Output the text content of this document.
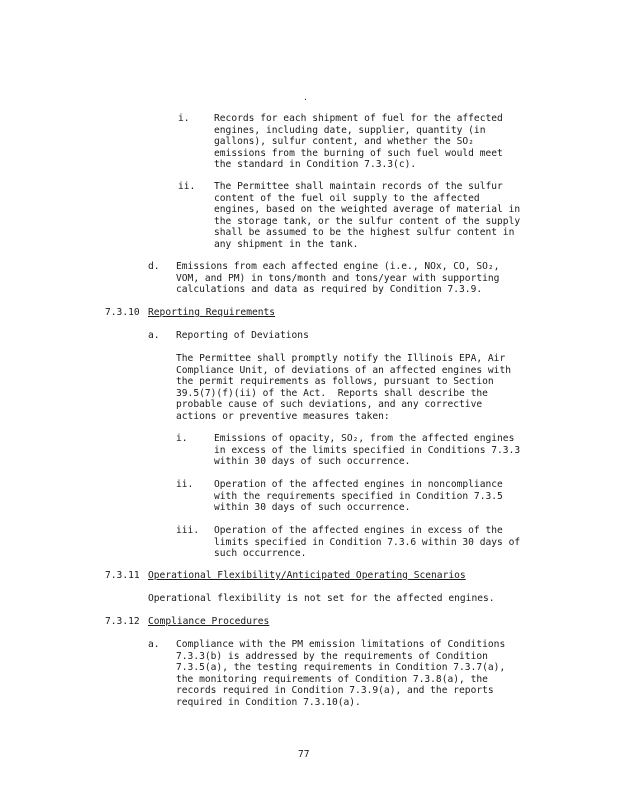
·
i.	Records for each shipment of fuel for the affected
engines, including date, supplier, quantity (in
gallons), sulfur content, and whether the SO₂
emissions from the burning of such fuel would meet
the standard in Condition 7.3.3(c).
ii. The Permittee shall maintain records of the sulfur
content of the fuel oil supply to the affected
engines, based on the weighted average of material in
the storage tank, or the sulfur content of the supply
shall be assumed to be the highest sulfur content in
any shipment in the tank.
d. Emissions from each affected engine (i.e., NOx, CO, SO₂,
VOM, and PM) in tons/month and tons/year with supporting
calculations and data as required by Condition 7.3.9.
7.3.10 Reporting Requirements
a. Reporting of Deviations
The Permittee shall promptly notify the Illinois EPA, Air
Compliance Unit, of deviations of an affected engines with
the permit requirements as follows, pursuant to Section
39.5(7)(f)(ii) of the Act.  Reports shall describe the
probable cause of such deviations, and any corrective
actions or preventive measures taken:
i.	Emissions of opacity, SO₂, from the affected engines
in excess of the limits specified in Conditions 7.3.3
within 30 days of such occurrence.
ii. Operation of the affected engines in noncompliance
with the requirements specified in Condition 7.3.5
within 30 days of such occurrence.
iii. Operation of the affected engines in excess of the
limits specified in Condition 7.3.6 within 30 days of
such occurrence.
7.3.11 Operational Flexibility/Anticipated Operating Scenarios
Operational flexibility is not set for the affected engines.
7.3.12 Compliance Procedures
a. Compliance with the PM emission limitations of Conditions
7.3.3(b) is addressed by the requirements of Condition
7.3.5(a), the testing requirements in Condition 7.3.7(a),
the monitoring requirements of Condition 7.3.8(a), the
records required in Condition 7.3.9(a), and the reports
required in Condition 7.3.10(a).
77
